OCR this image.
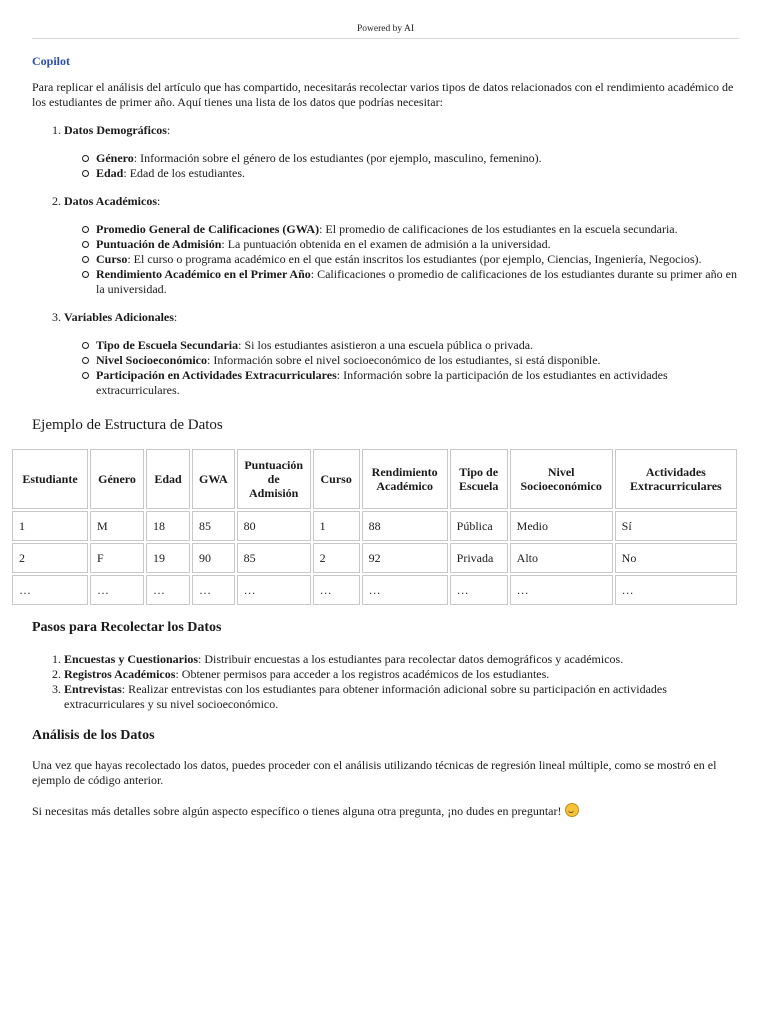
Powered by AI
Copilot

Para replicar el análisis del artículo que has compartido, necesitarás recolectar varios tipos de datos relacionados con el rendimiento académico de los estudiantes de primer año. Aquí tienes una lista de los datos que podrías necesitar:

1. Datos Demográficos:
Género: Información sobre el género de los estudiantes (por ejemplo, masculino, femenino).
Edad: Edad de los estudiantes.
2. Datos Académicos:
Promedio General de Calificaciones (GWA): El promedio de calificaciones de los estudiantes en la escuela secundaria.
Puntuación de Admisión: La puntuación obtenida en el examen de admisión a la universidad.
Curso: El curso o programa académico en el que están inscritos los estudiantes (por ejemplo, Ciencias, Ingeniería, Negocios).
Rendimiento Académico en el Primer Año: Calificaciones o promedio de calificaciones de los estudiantes durante su primer año en la universidad.
3. Variables Adicionales:
Tipo de Escuela Secundaria: Si los estudiantes asistieron a una escuela pública o privada.
Nivel Socioeconómico: Información sobre el nivel socioeconómico de los estudiantes, si está disponible.
Participación en Actividades Extracurriculares: Información sobre la participación de los estudiantes en actividades extracurriculares.
Ejemplo de Estructura de Datos
Estudiante	Género	Edad	GWA	Puntuación de Admisión	Curso	Rendimiento Académico	Tipo de Escuela	Nivel Socioeconómico	Actividades Extracurriculares
1	M	18	85	80	1	88	Pública	Medio	Sí
2	F	19	90	85	2	92	Privada	Alto	No
…	…	…	…	…	…	…	…	…	…
Pasos para Recolectar los Datos
1. Encuestas y Cuestionarios: Distribuir encuestas a los estudiantes para recolectar datos demográficos y académicos.
2. Registros Académicos: Obtener permisos para acceder a los registros académicos de los estudiantes.
3. Entrevistas: Realizar entrevistas con los estudiantes para obtener información adicional sobre su participación en actividades extracurriculares y su nivel socioeconómico.
Análisis de los Datos

Una vez que hayas recolectado los datos, puedes proceder con el análisis utilizando técnicas de regresión lineal múltiple, como se mostró en el ejemplo de código anterior.

Si necesitas más detalles sobre algún aspecto específico o tienes alguna otra pregunta, ¡no dudes en preguntar!
